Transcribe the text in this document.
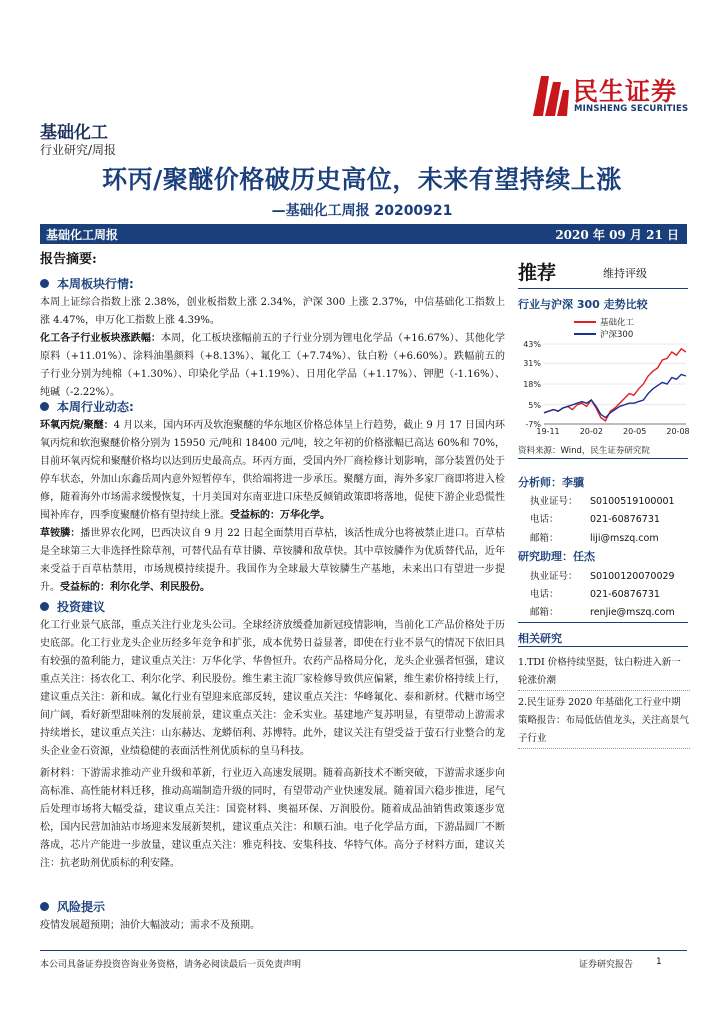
民生证券
MINSHENG SECURITIES
基础化工
行业研究/周报
环丙/聚醚价格破历史高位，未来有望持续上涨
—基础化工周报 20200921
基础化工周报	2020 年 09 月 21 日
报告摘要:
本周板块行情:

本周上证综合指数上涨 2.38%，创业板指数上涨 2.34%，沪深 300 上涨 2.37%，中信基础化工指数上涨 4.47%，申万化工指数上涨 4.39%。

化工各子行业板块涨跌幅：本周，化工板块涨幅前五的子行业分别为锂电化学品（+16.67%）、其他化学原料（+11.01%）、涂料油墨颜料（+8.13%）、氟化工（+7.74%）、钛白粉（+6.60%）。跌幅前五的子行业分别为纯棉（+1.30%）、印染化学品（+1.19%）、日用化学品（+1.17%）、钾肥（-1.16%）、纯碱（-2.22%）。

本周行业动态:

环氧丙烷/聚醚：4 月以来，国内环丙及软泡聚醚的华东地区价格总体呈上行趋势，截止 9 月 17 日国内环氧丙烷和软泡聚醚价格分别为 15950 元/吨和 18400 元/吨，较之年初的价格涨幅已高达 60%和 70%，目前环氧丙烷和聚醚价格均以达到历史最高点。环丙方面，受国内外厂商检修计划影响，部分装置仍处于停车状态，外加山东鑫岳周内意外短暂停车，供给端将进一步承压。聚醚方面，海外多家厂商即将进入检修，随着海外市场需求缓慢恢复，十月美国对东南亚进口床垫反倾销政策即将落地，促使下游企业恐慌性囤补库存，四季度聚醚价格有望持续上涨。受益标的：万华化学。

草铵膦：播世界农化网，巴西决议自 9 月 22 日起全面禁用百草枯，该活性成分也将被禁止进口。百草枯是全球第三大非选择性除草剂，可替代品有草甘膦、草铵膦和敌草快。其中草铵膦作为优质替代品，近年来受益于百草枯禁用，市场规模持续提升。我国作为全球最大草铵膦生产基地，未来出口有望进一步提升。受益标的：利尔化学、利民股份。

投资建议

化工行业景气底部，重点关注行业龙头公司。全球经济放缓叠加新冠疫情影响，当前化工产品价格处于历史底部。化工行业龙头企业历经多年竞争和扩张，成本优势日益显著，即使在行业不景气的情况下依旧具有较强的盈利能力，建议重点关注：万华化学、华鲁恒升。农药产品格局分化，龙头企业强者恒强，建议重点关注：扬农化工、利尔化学、利民股份。维生素主流厂家检修导致供应偏紧，维生素价格持续上行，建议重点关注：新和成。氟化行业有望迎来底部反转，建议重点关注：华峰氟化、泰和新材。代糖市场空间广阔，看好新型甜味剂的发展前景，建议重点关注：金禾实业。基建地产复苏明显，有望带动上游需求持续增长，建议重点关注：山东赫达、龙蟒佰利、苏博特。此外，建议关注有望受益于萤石行业整合的龙头企业金石资源，业绩稳健的表面活性剂优质标的皇马科技。

新材料：下游需求推动产业升级和革新，行业迈入高速发展期。随着高新技术不断突破，下游需求逐步向高标准、高性能材料迁移，推动高端制造升级的同时，有望带动产业快速发展。随着国六稳步推进，尾气后处理市场将大幅受益，建议重点关注：国瓷材料、奥福环保、万润股份。随着成品油销售政策逐步宽松，国内民营加油站市场迎来发展新契机，建议重点关注：和顺石油。电子化学品方面，下游晶圆厂不断落成，芯片产能进一步放量，建议重点关注：雅克科技、安集科技、华特气体。高分子材料方面，建议关注：抗老助剂优质标的利安隆。

风险提示

疫情发展超预期；油价大幅波动；需求不及预期。

推荐	维持评级
行业与沪深 300 走势比较
43%
31%
18%
5%
-7%
19-11	20-02	20-05	20-08
基础化工
沪深300
资料来源：Wind，民生证券研究院
分析师：李骥
执业证号： S0100519100001
电话：	021-60876731
邮箱：	liji@mszq.com
研究助理：任杰
执业证号： S0100120070029
电话：	021-60876731
邮箱：	renjie@mszq.com
相关研究
1.TDI 价格持续坚挺，钛白粉进入新一轮涨价潮
2.民生证券 2020 年基础化工行业中期策略报告：布局低估值龙头，关注高景气子行业
本公司具备证券投资咨询业务资格，请务必阅读最后一页免责声明	证券研究报告	1
